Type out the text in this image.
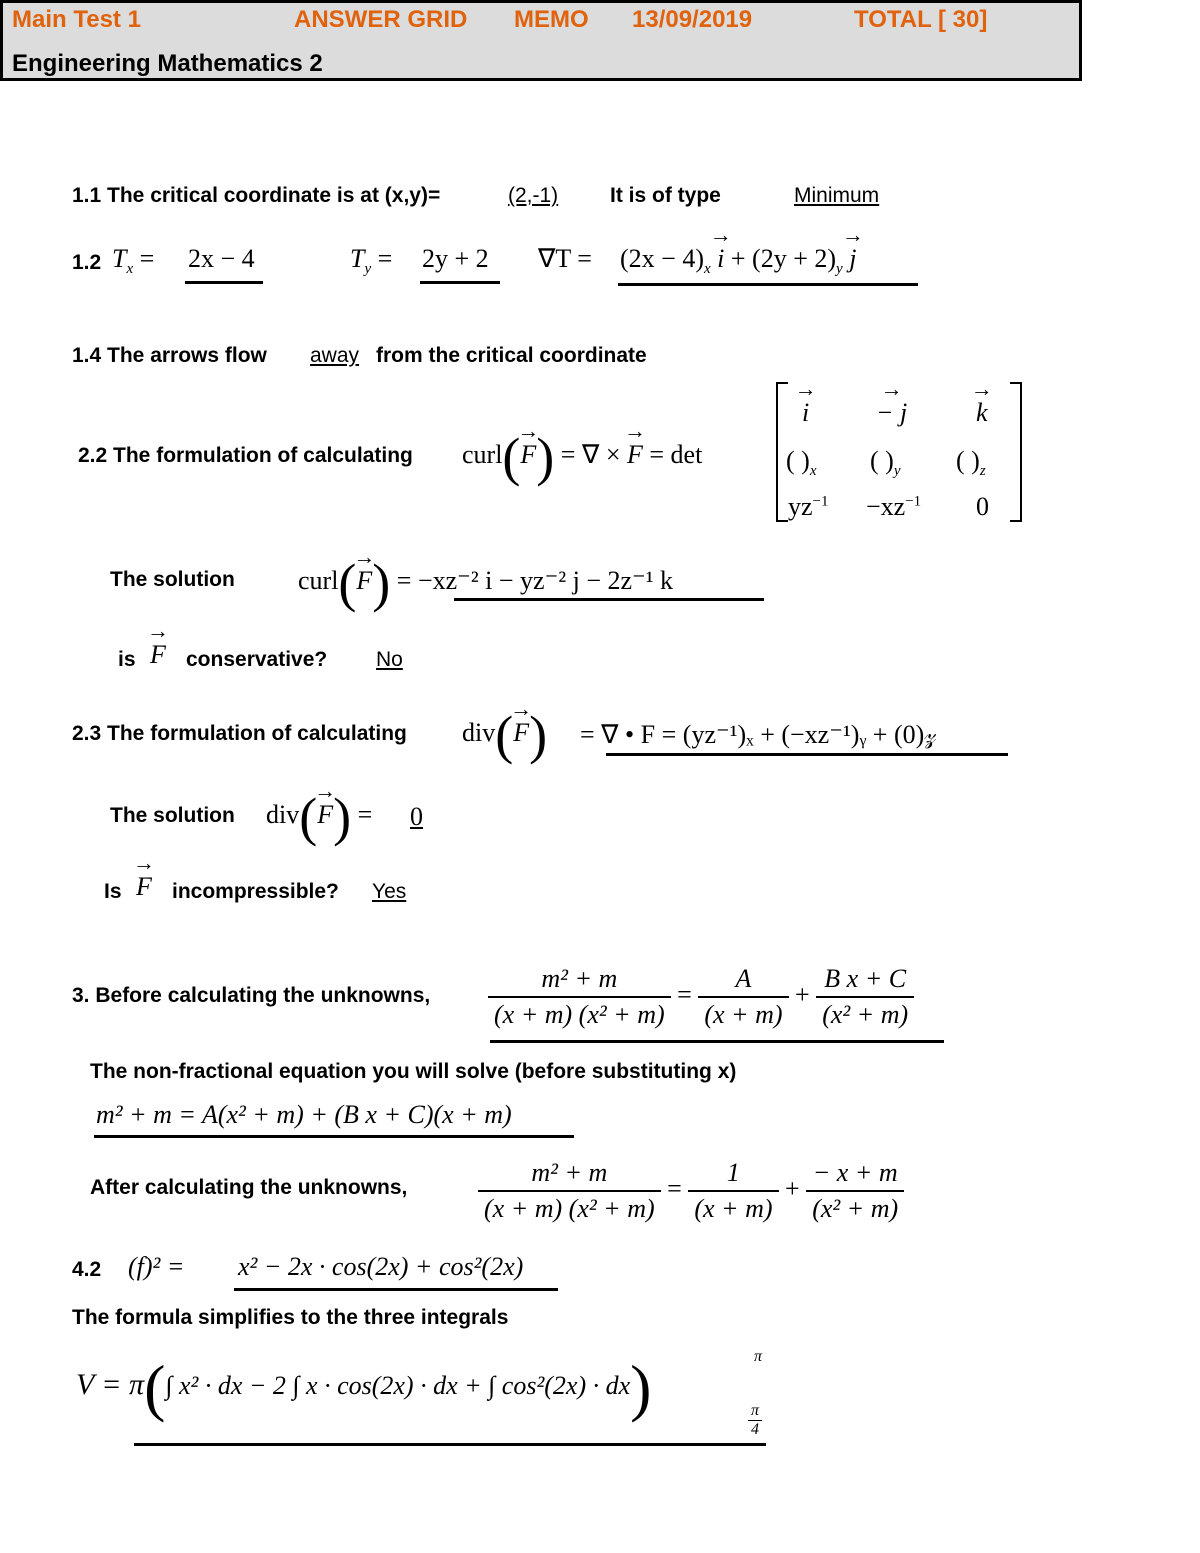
Main Test 1	ANSWER GRID MEMO 13/09/2019	TOTAL [ 30]
Engineering Mathematics 2
1.1 The critical coordinate is at (x,y)=	(2,-1) It is of type	Minimum
1.2 $T_x = 2x - 4$	$T_y = 2y + 2$ $\nabla T = (2x - 4)_x \to i + (2y + 2)_y \to j$
1.4 The arrows flow away from the critical coordinate
2.2 The formulation of calculating curl(→ F) = ∇ × → F = det
→ i	→ − j	→ k
( )$_x$ ( )$_y$ ( )$_z$
$yz^{-1} -xz^{-1}$ 0
The solution curl(→ F) = −xz⁻² i − yz⁻² j − 2z⁻¹ k
is → F conservative? No
2.3 The formulation of calculating div(→ F) = ∇ • F = (yz⁻¹)ₓ + (−xz⁻¹)ᵧ + (0)𝓏
The solution div(→ F) = 0
Is → F incompressible? Yes
3. Before calculating the unknowns, $\frac{\text{m² + m}}{\text{(x + m) (x² + m)}} = \frac{A}{(x + m)} + \frac{\text{B x + C}}{\text{(x² + m)}}$
The non-fractional equation you will solve (before substituting x)
m² + m = A(x² + m) + (B x + C)(x + m)
After calculating the unknowns,	$\frac{\text{m² + m}}{\text{(x + m) (x² + m)}} = \frac{1}{(x + m)} + \frac{- x + m}{\text{(x² + m)}}$
4.2 (f)² = x² − 2x · cos(2x) + cos²(2x)
The formula simplifies to the three integrals
V = π(∫ x² · dx − 2 ∫ x · cos(2x) · dx + ∫ cos²(2x) · dx)	π
π
4
